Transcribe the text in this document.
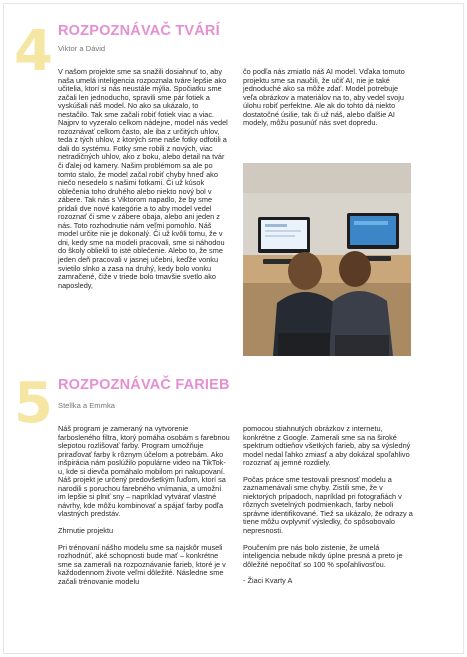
4 ROZPOZNÁVAČ TVÁRÍ
Viktor a Dávid
V našom projekte sme sa snažili dosiahnuť to, aby naša umelá inteligencia rozpoznala tváre lepšie ako učitelia, ktorí si nás neustále mýlia. Spočiatku sme začali len jednoducho, spravili sme pár fotiek a vyskúšali náš model. No ako sa ukázalo, to nestačilo. Tak sme začali robiť fotiek viac a viac. Najprv to vyzeralo celkom nádejne, model nás vedel rozoznávať celkom často, ale iba z určitých uhlov, teda z tých uhlov, z ktorých sme naše fotky odfotili a dali do systému. Fotky sme robili z nových, viac netradičných uhlov, ako z boku, alebo detail na tvár či ďalej od kamery. Našim problémom sa ale po tomto stalo, že model začal robiť chyby hneď ako niečo nesedelo s našimi fotkami. Či už kúsok oblečenia toho druhého alebo niekto nový bol v zábere. Tak nás s Viktorom napadlo, že by sme pridali dve nové kategórie a to aby model vedel rozoznať či sme v zábere obaja, alebo ani jeden z nás. Toto rozhodnutie nám veľmi pomohlo. Náš model určite nie je dokonalý. Či už kvôli tomu, že v dni, kedy sme na modeli pracovali, sme si náhodou do školy obliekli to isté oblečenie. Alebo to, že sme jeden deň pracovali v jasnej učebni, keďže vonku svietilo slnko a zasa na druhý, kedy bolo vonku zamračené, čiže v triede bolo tmavšie svetlo ako naposledy,
čo podľa nás zmiatlo náš AI model. Vďaka tomuto projektu sme sa naučili, že učiť AI, nie je také jednoduché ako sa môže zdať. Model potrebuje veľa obrázkov a materiálov na to, aby vedel svoju úlohu robiť perfektne. Ale ak do tohto dá niekto dostatočné úsilie, tak či už náš, alebo ďalšie AI modely, môžu posunúť nás svet dopredu.
5 ROZPOZNÁVAČ FARIEB
Stellka a Emmka

Náš program je zameraný na vytvorenie farbosleпého filtra, ktorý pomáha osobám s farebnou slepotou rozlišovať farby. Program umožňuje priraďovať farby k rôznym účelom a potrebám. Ako inšpirácia nám poslúžilo populárne video na TikTok-u, kde si dievča pomáhalo mobilom pri nakupovaní. Náš projekt je určený predovšetkým ľuďom, ktorí sa narodili s poruchou farebného vnímania, a umožní im lepšie si plniť sny – napríklad vytvárať vlastné návrhy, kde môžu kombinovať a spájať farby podľa vlastných predstáv.

Zhrnutie projektu

Pri trénovaní nášho modelu sme sa najskôr museli rozhodnúť, aké schopnosti bude mať – konkrétne sme sa zamerali na rozpoznávanie farieb, ktoré je v každodennom živote veľmi dôležité. Následne sme začali trénovanie modelu

pomocou stiahnutých obrázkov z internetu, konkrétne z Google. Zamerali sme sa na široké spektrum odtieňov všetkých farieb, aby sa výsledný model nedal ľahko zmiasť a aby dokázal spoľahlivo rozoznať aj jemné rozdiely.

Počas práce sme testovali presnosť modelu a zaznamenávali sme chyby. Zistili sme, že v niektorých prípadoch, napríklad pri fotografiách v rôznych svetelných podmienkach, farby neboli správne identifikované. Tiež sa ukázalo, že odrazy a tiene môžu ovplyvniť výsledky, čo spôsobovalo nepresnosti.

Poučením pre nás bolo zistenie, že umelá inteligencia nebude nikdy úplne presná a preto je dôležité nepočítať so 100 % spoľahlivosťou.

- Žiaci Kvarty A
